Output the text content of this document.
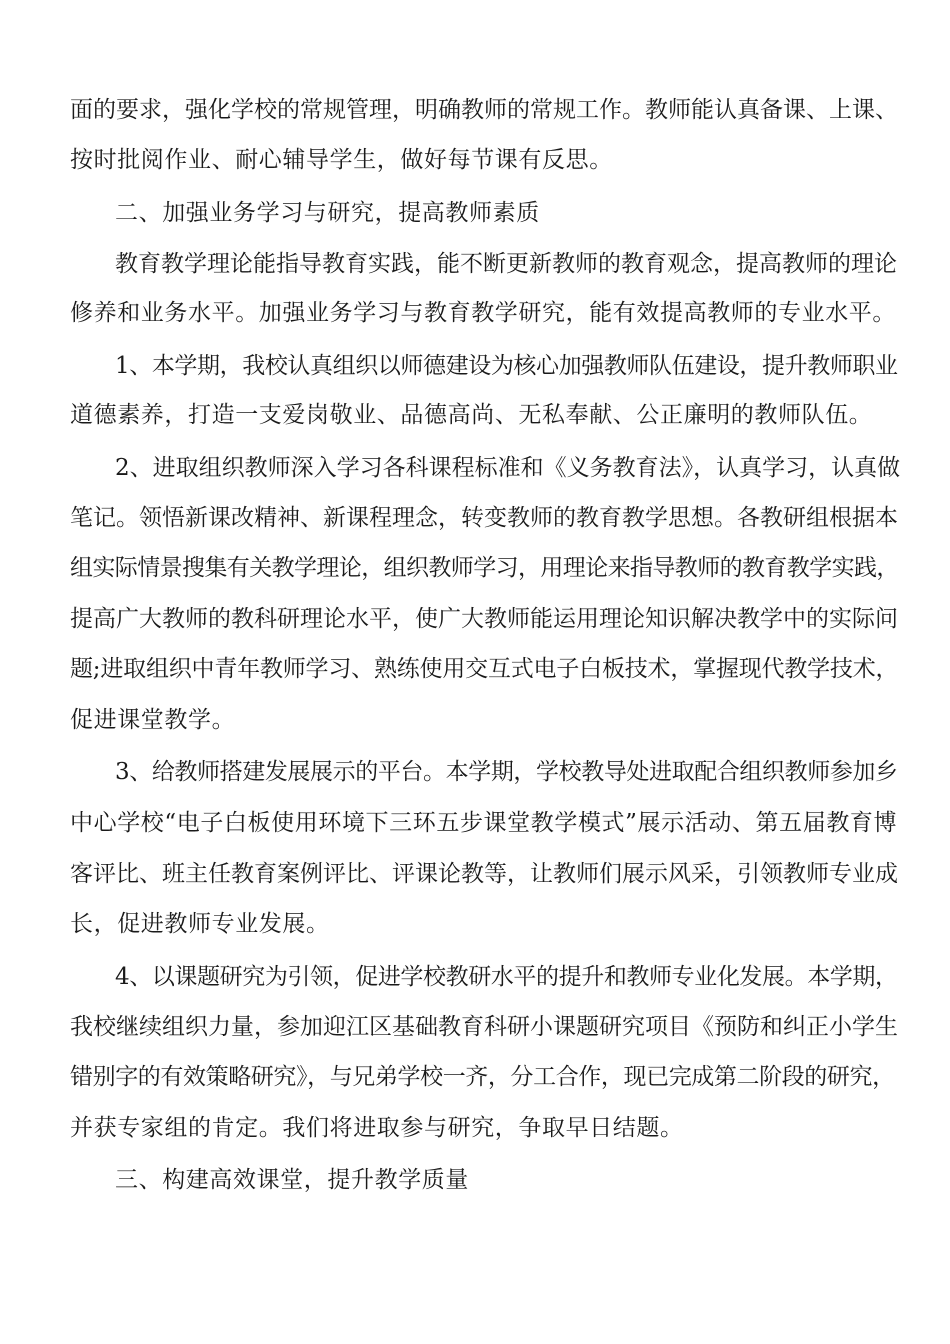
面的要求，强化学校的常规管理，明确教师的常规工作。教师能认真备课、上课、

按时批阅作业、耐心辅导学生，做好每节课有反思。

二、加强业务学习与研究，提高教师素质

教育教学理论能指导教育实践，能不断更新教师的教育观念，提高教师的理论

修养和业务水平。加强业务学习与教育教学研究，能有效提高教师的专业水平。

1、本学期，我校认真组织以师德建设为核心加强教师队伍建设，提升教师职业

道德素养，打造一支爱岗敬业、品德高尚、无私奉献、公正廉明的教师队伍。

2、进取组织教师深入学习各科课程标准和《义务教育法》，认真学习，认真做

笔记。领悟新课改精神、新课程理念，转变教师的教育教学思想。各教研组根据本

组实际情景搜集有关教学理论，组织教师学习，用理论来指导教师的教育教学实践，

提高广大教师的教科研理论水平，使广大教师能运用理论知识解决教学中的实际问

题;进取组织中青年教师学习、熟练使用交互式电子白板技术，掌握现代教学技术，

促进课堂教学。

3、给教师搭建发展展示的平台。本学期，学校教导处进取配合组织教师参加乡

中心学校“电子白板使用环境下三环五步课堂教学模式”展示活动、第五届教育博

客评比、班主任教育案例评比、评课论教等，让教师们展示风采，引领教师专业成

长，促进教师专业发展。

4、以课题研究为引领，促进学校教研水平的提升和教师专业化发展。本学期，

我校继续组织力量，参加迎江区基础教育科研小课题研究项目《预防和纠正小学生

错别字的有效策略研究》，与兄弟学校一齐，分工合作，现已完成第二阶段的研究，

并获专家组的肯定。我们将进取参与研究，争取早日结题。

三、构建高效课堂，提升教学质量
